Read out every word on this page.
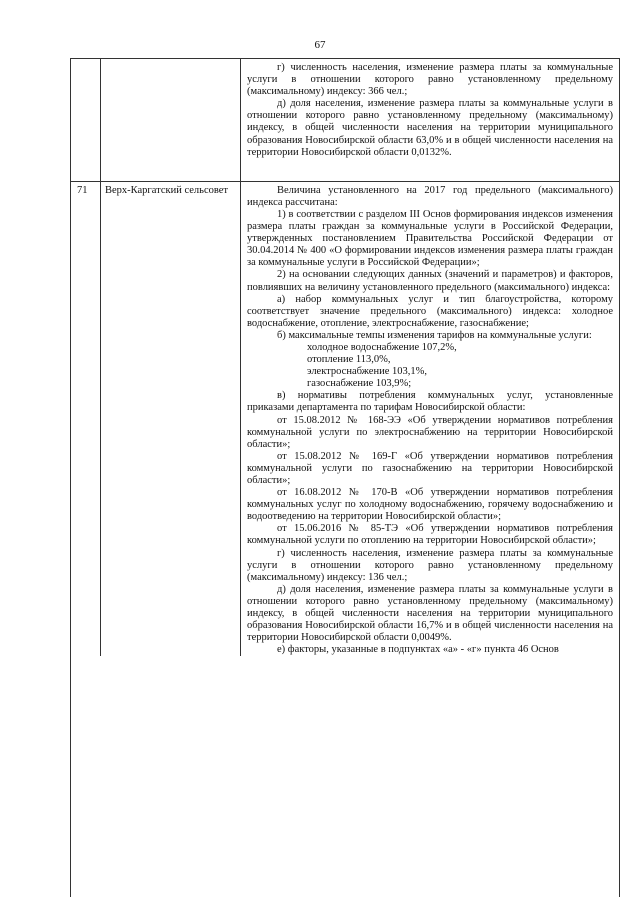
67

г) численность населения, изменение размера платы за коммунальные услуги в отношении которого равно установленному предельному (максимальному) индексу: 366 чел.;

д) доля населения, изменение размера платы за коммунальные услуги в отношении которого равно установленному предельному (максимальному) индексу, в общей численности населения на территории муниципального образования Новосибирской области 63,0% и в общей численности населения на территории Новосибирской области 0,0132%.

71	Верх-Каргатский сельсовет	Величина установленного на 2017 год предельного (максимального) индекса рассчитана:

1) в соответствии с разделом III Основ формирования индексов изменения размера платы граждан за коммунальные услуги в Российской Федерации, утвержденных постановлением Правительства Российской Федерации от 30.04.2014 № 400 «О формировании индексов изменения размера платы граждан за коммунальные услуги в Российской Федерации»;

2) на основании следующих данных (значений и параметров) и факторов, повлиявших на величину установленного предельного (максимального) индекса:

а) набор коммунальных услуг и тип благоустройства, которому соответствует значение предельного (максимального) индекса: холодное водоснабжение, отопление, электроснабжение, газоснабжение;

б) максимальные темпы изменения тарифов на коммунальные услуги:

холодное водоснабжение 107,2%,

отопление 113,0%,

электроснабжение 103,1%,

газоснабжение 103,9%;

в) нормативы потребления коммунальных услуг, установленные приказами департамента по тарифам Новосибирской области:

от 15.08.2012 № 168-ЭЭ «Об утверждении нормативов потребления коммунальной услуги по электроснабжению на территории Новосибирской области»;

от 15.08.2012 № 169-Г «Об утверждении нормативов потребления коммунальной услуги по газоснабжению на территории Новосибирской области»;

от 16.08.2012 № 170-В «Об утверждении нормативов потребления коммунальных услуг по холодному водоснабжению, горячему водоснабжению и водоотведению на территории Новосибирской области»;

от 15.06.2016 № 85-ТЭ «Об утверждении нормативов потребления коммунальной услуги по отоплению на территории Новосибирской области»;

г) численность населения, изменение размера платы за коммунальные услуги в отношении которого равно установленному предельному (максимальному) индексу: 136 чел.;

д) доля населения, изменение размера платы за коммунальные услуги в отношении которого равно установленному предельному (максимальному) индексу, в общей численности населения на территории муниципального образования Новосибирской области 16,7% и в общей численности населения на территории Новосибирской области 0,0049%.

е) факторы, указанные в подпунктах «а» - «г» пункта 46 Основ
